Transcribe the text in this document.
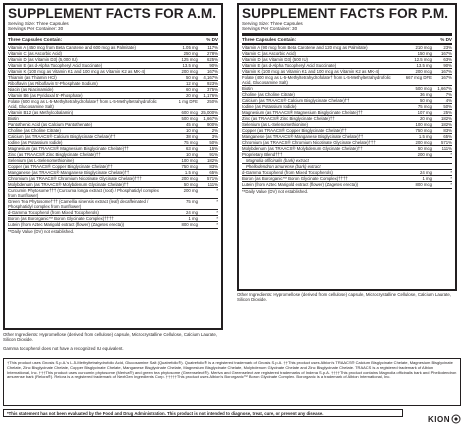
SUPPLEMENT FACTS FOR A.M.
Serving Size: Three Capsules
Servings Per Container: 30
Three Capsules Contain:	% DV
Vitamin A (450 mcg from Beta Carotene and 600 mcg as Palmitate)	1.05 mg	117%
Vitamin C (as Ascorbic Acid)	250 mg	278%
Vitamin D (as Vitamin D3) (5,000 IU)	125 mcg	625%
Vitamin E (as d-Alpha Tocopheryl Acid Succinate)	13.5 mg	90%
Vitamin K (100 mcg as Vitamin K1 and 100 mcg as Vitamin K2 as MK-4)	200 mcg	167%
Thiamin (as Thiamin HCl)	50 mg	4,167%
Riboflavin (as Riboflavin 5'-Phosphate Sodium)	12 mg	923%
Niacin (as Niacinamide)	60 mg	375%
Vitamin B6 (as Pyridoxal 5'-Phosphate)	20 mg	1,176%
Folate (600 mcg as L-5-Methyltetrahydrofolate† from L-5-Methyltetrahydrofolic Acid, Glucosamine Salt)
1 mg DFE	250%
Vitamin B12 (as Methylcobalamin)	600 mcg 25,000%
Biotin	500 mcg	1,667%
Pantothenic Acid (as Calcium Pantothenate)	45 mg	900%
Choline (as Choline Citrate)	10 mg	2%
Calcium (as TRAACS® Calcium Bisglycinate Chelate)††	38 mg	3%
Iodine (as Potassium Iodide)	75 mcg	50%
Magnesium (as TRAACS® Magnesium Bisglycinate Chelate)††	63 mg	15%
Zinc (as TRAACS® Zinc Bisglycinate Chelate)††	10 mg	91%
Selenium (as L-Selenomethionine)	100 mcg	182%
Copper (as TRAACS® Copper Bisglycinate Chelate)††	750 mcg	83%
Manganese (as TRAACS® Manganese Bisglycinate Chelate)††	1.5 mg	65%
Chromium (as TRAACS® Chromium Nicotinate Glycinate Chelate)†††	200 mcg	571%
Molybdenum (as TRAACS® Molybdenum Glycinate Chelate)††	50 mcg	111%
Curcumin Phytosome††† (Curcuma longa extract (root) / Phosphatidyl complex from Sunflower)
200 mg	*
Green Tea Phytosome††† (Camellia sinensis extract (leaf) decaffeinated / Phosphatidyl complex from Sunflower)
75 mg	*
d-Gamma Tocopherol (from Mixed Tocopherols)	24 mg	*
Boron (as Bororganic™ Boron Glycinate Complex)††††	1 mg	*
Lutein (from Aztec Marigold extract (flower) (Zagetes erecta))	800 mcg	*
**Daily Value (DV) not established.
SUPPLEMENT FACTS FOR P.M.
Serving Size: Three Capsules
Servings Per Container: 30
Three Capsules Contain:	% DV
Vitamin A (90 mcg from Beta Carotene and 120 mcg as Palmitate)	210 mcg	23%
Vitamin C (as Ascorbic Acid)	150 mg	167%
Vitamin D (as Vitamin D3) (500 IU)	12.5 mcg	63%
Vitamin E (as d-Alpha Tocopheryl Acid Succinate)	13.5 mg	90%
Vitamin K (100 mcg as Vitamin K1 and 100 mcg as Vitamin K2 as MK-4)	200 mcg	167%
Folate (400 mcg as L-5-Methyltetrahydrofolate† from L-5-Methyltetrahydrofolic Acid, Glucosamine Salt)
667 mcg DFE	167%
Biotin	500 mcg	1,667%
Choline (as Choline Citrate)	36 mg	7%
Calcium (as TRAACS® Calcium Bisglycinate Chelate)††	50 mg	4%
Iodine (as Potassium Iodide)	75 mcg	50%
Magnesium (as TRAACS® Magnesium Bisglycinate Chelate)††	107 mg	25%
Zinc (as TRAACS® Zinc Bisglycinate Chelate)††	20 mg	182%
Selenium (as L-Selenomethionine)	100 mcg	182%
Copper (as TRAACS® Copper Bisglycinate Chelate)††	750 mcg	83%
Manganese (as TRAACS® Manganese Bisglycinate Chelate)††	1.5 mg	65%
Chromium (as TRAACS® Chromium Nicotinate Glycinate Chelate)†††	200 mcg	571%
Molybdenum (as TRAACS® Molybdenum Glycinate Chelate)††	50 mcg	111%
Proprietary Blend†††	200 mg	*
Magnolia officinalis (bark) extract
Phellodendron amurense (bark) extract
d-Gamma Tocopherol (from Mixed Tocopherols)	24 mg	*
Boron (as Bororganic™ Boron Glycinate Complex)††††	1 mg	*
Lutein (from Aztec Marigold extract (flower) (Zagetes erecta))	800 mcg	*
**Daily Value (DV) not established.
Other Ingredients: Hypromellose (derived from cellulose) capsule, Microcrystalline Cellulose, Calcium Laurate, Silicon Dioxide.
Other Ingredients: Hypromellose (derived from cellulose) capsule, Microcrystalline Cellulose, Calcium Laurate, Silicon Dioxide.
Gamma tocopherol does not have a recognized IU equivalent.
†This product uses Gnosis S.p.A.'s L-5-Methyltetrahydrofolic Acid, Glucosamine Salt (Quatrefolic®). Quatrefolic® is a registered trademark of Gnosis S.p.A. ††This product uses Albion's TRAACS® Calcium Bisglycinate Chelate, Magnesium Bisglycinate Chelate, Zinc Bisglycinate Chelate, Copper Bisglycinate Chelate, Manganese Bisglycinate Chelate, Magnesium Bisglycinate Chelate, Molybdenum Glycinate Chelate and Zinc Bisglycinate Chelate. TRAACS is a registered trademark of Albion International, Inc. †††This product uses curcumin phytosome (Meriva®) and green tea phytosome (Greenselect®). Meriva and Greenselect are registered trademarks of Indena S.p.A. ††††This product contains Magnolia officinalis bark and Phellodendron amurense bark (Relora®). Relora is a registered trademark of NextGen Ingredients Corp. †††††This product uses Albion's Bororganic™ Boron Glycinate Complex. Bororganic is a trademark of Albion International, Inc.
*This statement has not been evaluated by the Food and Drug Administration. This product is not intended to diagnose, treat, cure, or prevent any disease.
KION
